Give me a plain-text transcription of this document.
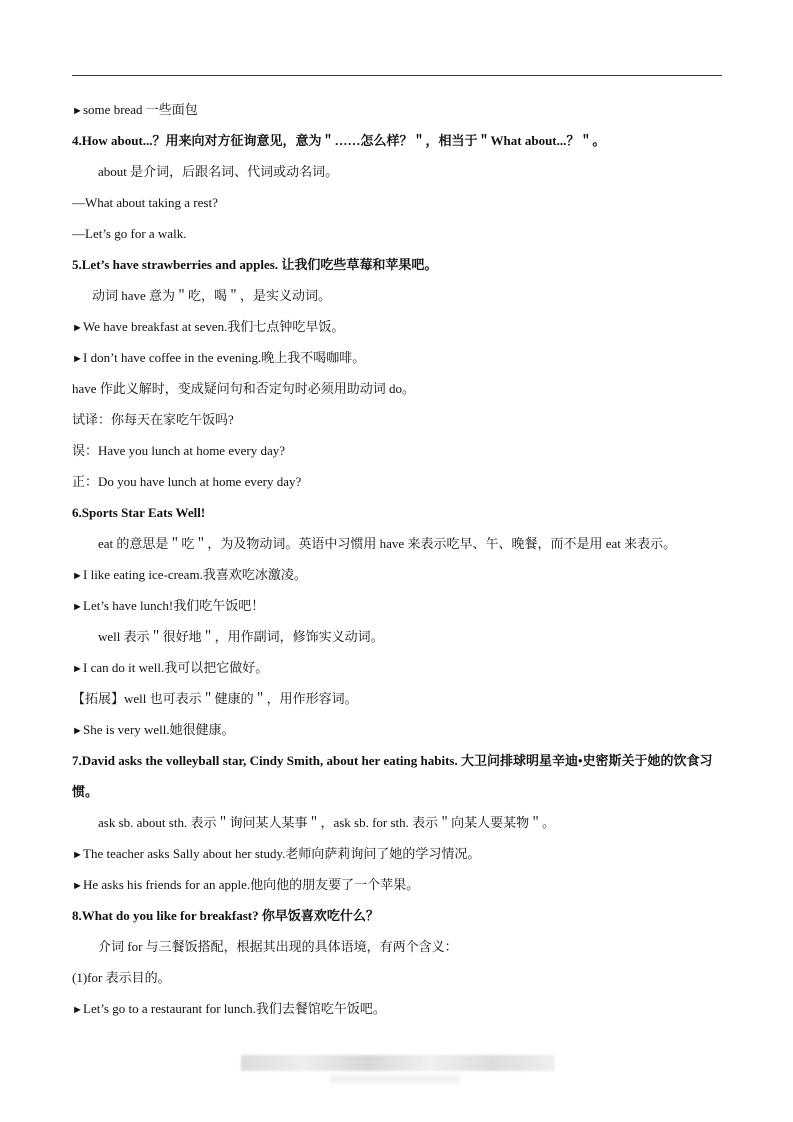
►some bread 一些面包
4.How about...？用来向对方征询意见，意为＂……怎么样？＂，相当于＂What about...？＂。
about 是介词，后跟名词、代词或动名词。
—What about taking a rest?
—Let’s go for a walk.
5.Let’s have strawberries and apples. 让我们吃些草莓和苹果吧。
动词 have 意为＂吃，喝＂，是实义动词。
►We have breakfast at seven.我们七点钟吃早饭。
►I don’t have coffee in the evening.晚上我不喝咖啡。
have 作此义解时，变成疑问句和否定句时必须用助动词 do。
试译：你每天在家吃午饭吗?
误：Have you lunch at home every day?
正：Do you have lunch at home every day?
6.Sports Star Eats Well!
eat 的意思是＂吃＂，为及物动词。英语中习惯用 have 来表示吃早、午、晚餐，而不是用 eat 来表示。
►I like eating ice-cream.我喜欢吃冰激凌。
►Let’s have lunch!我们吃午饭吧！
well 表示＂很好地＂，用作副词，修饰实义动词。
►I can do it well.我可以把它做好。
【拓展】well 也可表示＂健康的＂，用作形容词。
►She is very well.她很健康。
7.David asks the volleyball star, Cindy Smith, about her eating habits. 大卫问排球明星辛迪•史密斯关于她的饮食习惯。
ask sb. about sth. 表示＂询问某人某事＂，ask sb. for sth. 表示＂向某人要某物＂。
►The teacher asks Sally about her study.老师向萨莉询问了她的学习情况。
►He asks his friends for an apple.他向他的朋友要了一个苹果。
8.What do you like for breakfast? 你早饭喜欢吃什么？
介词 for 与三餐饭搭配，根据其出现的具体语境，有两个含义：
(1)for 表示目的。
►Let’s go to a restaurant for lunch.我们去餐馆吃午饭吧。
